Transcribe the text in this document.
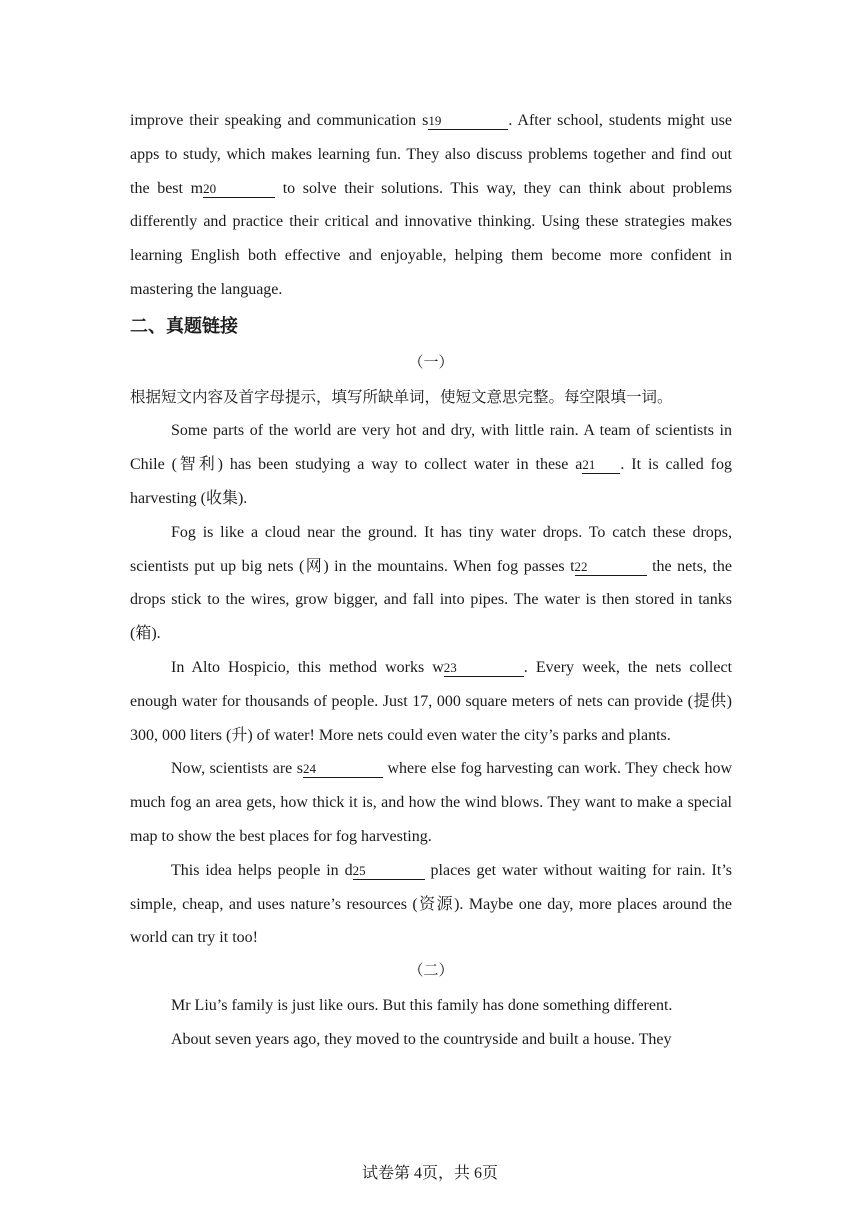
improve their speaking and communication s19	. After school, students might use apps to study, which makes learning fun. They also discuss problems together and find out the best m20	to solve their solutions. This way, they can think about problems differently and practice their critical and innovative thinking. Using these strategies makes learning English both effective and enjoyable, helping them become more confident in mastering the language.

二、真题链接

（一）

根据短文内容及首字母提示，填写所缺单词，使短文意思完整。每空限填一词。

Some parts of the world are very hot and dry, with little rain. A team of scientists in Chile (智利) has been studying a way to collect water in these a21 . It is called fog harvesting (收集).

Fog is like a cloud near the ground. It has tiny water drops. To catch these drops, scientists put up big nets (网) in the mountains. When fog passes t22	the nets, the drops stick to the wires, grow bigger, and fall into pipes. The water is then stored in tanks (箱).

In Alto Hospicio, this method works w23	. Every week, the nets collect enough water for thousands of people. Just 17, 000 square meters of nets can provide (提供) 300, 000 liters (升) of water! More nets could even water the city’s parks and plants.

Now, scientists are s24	where else fog harvesting can work. They check how much fog an area gets, how thick it is, and how the wind blows. They want to make a special map to show the best places for fog harvesting.

This idea helps people in d25	places get water without waiting for rain. It’s simple, cheap, and uses nature’s resources (资源). Maybe one day, more places around the world can try it too!

（二）

Mr Liu’s family is just like ours. But this family has done something different.

About seven years ago, they moved to the countryside and built a house. They

试卷第 4页，共 6页
